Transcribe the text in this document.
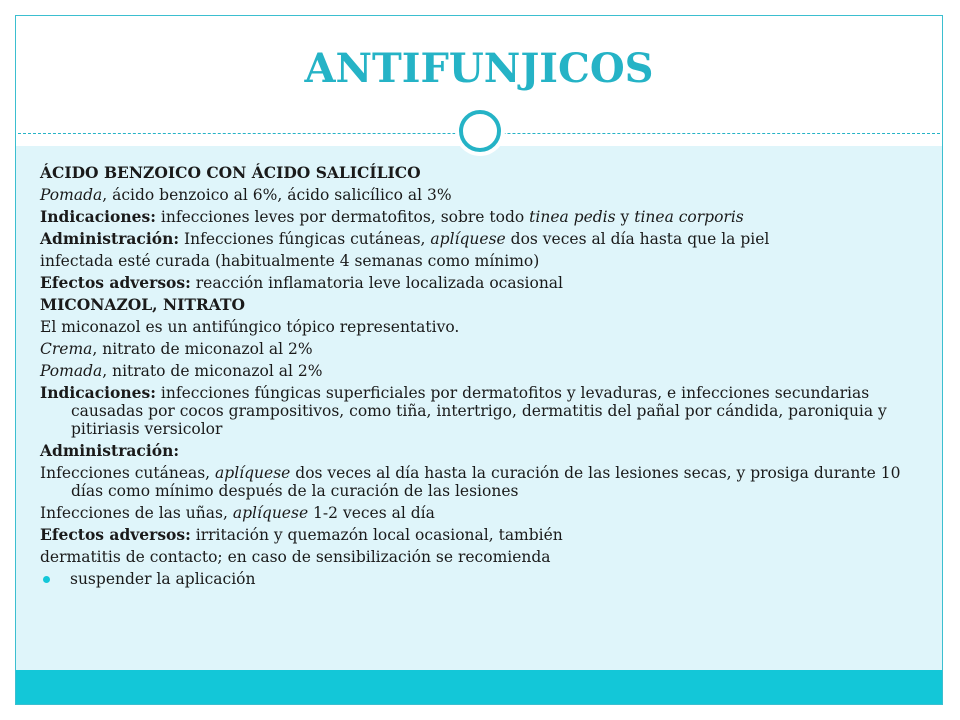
ANTIFUNJICOS

ÁCIDO BENZOICO CON ÁCIDO SALICÍLICO

Pomada, ácido benzoico al 6%, ácido salicílico al 3%

Indicaciones: infecciones leves por dermatofitos, sobre todo tinea pedis y tinea corporis

Administración: Infecciones fúngicas cutáneas, aplíquese dos veces al día hasta que la piel

infectada esté curada (habitualmente 4 semanas como mínimo)

Efectos adversos: reacción inflamatoria leve localizada ocasional

MICONAZOL, NITRATO

El miconazol es un antifúngico tópico representativo.

Crema, nitrato de miconazol al 2%

Pomada, nitrato de miconazol al 2%

Indicaciones: infecciones fúngicas superficiales por dermatofitos y levaduras, e infecciones secundarias causadas por cocos grampositivos, como tiña, intertrigo, dermatitis del pañal por cándida, paroniquia y pitiriasis versicolor

Administración:

Infecciones cutáneas, aplíquese dos veces al día hasta la curación de las lesiones secas, y prosiga durante 10 días como mínimo después de la curación de las lesiones

Infecciones de las uñas, aplíquese 1-2 veces al día

Efectos adversos: irritación y quemazón local ocasional, también

dermatitis de contacto; en caso de sensibilización se recomienda

suspender la aplicación
